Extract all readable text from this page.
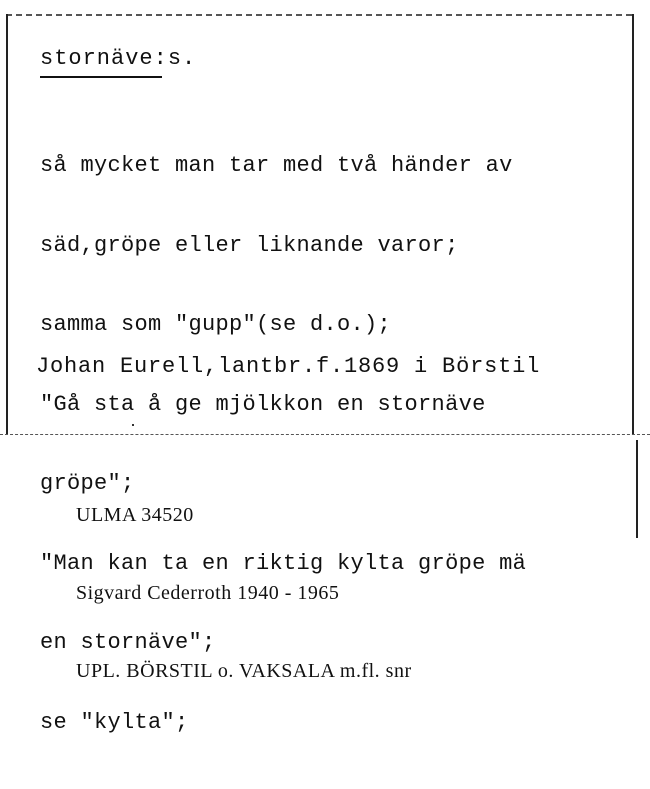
stornäve:s.

så mycket man tar med två händer av

säd,gröpe eller liknande varor;

samma som "gupp"(se d.o.);

"Gå sta å ge mjölkkon en stornäve

gröpe";

"Man kan ta en riktig kylta gröpe mä

en stornäve";

se "kylta";

Johan Eurell,lantbr.f.1869 i Börstil

ULMA 34520

Sigvard Cederroth 1940 - 1965

UPL. BÖRSTIL o. VAKSALA m.fl. snr
